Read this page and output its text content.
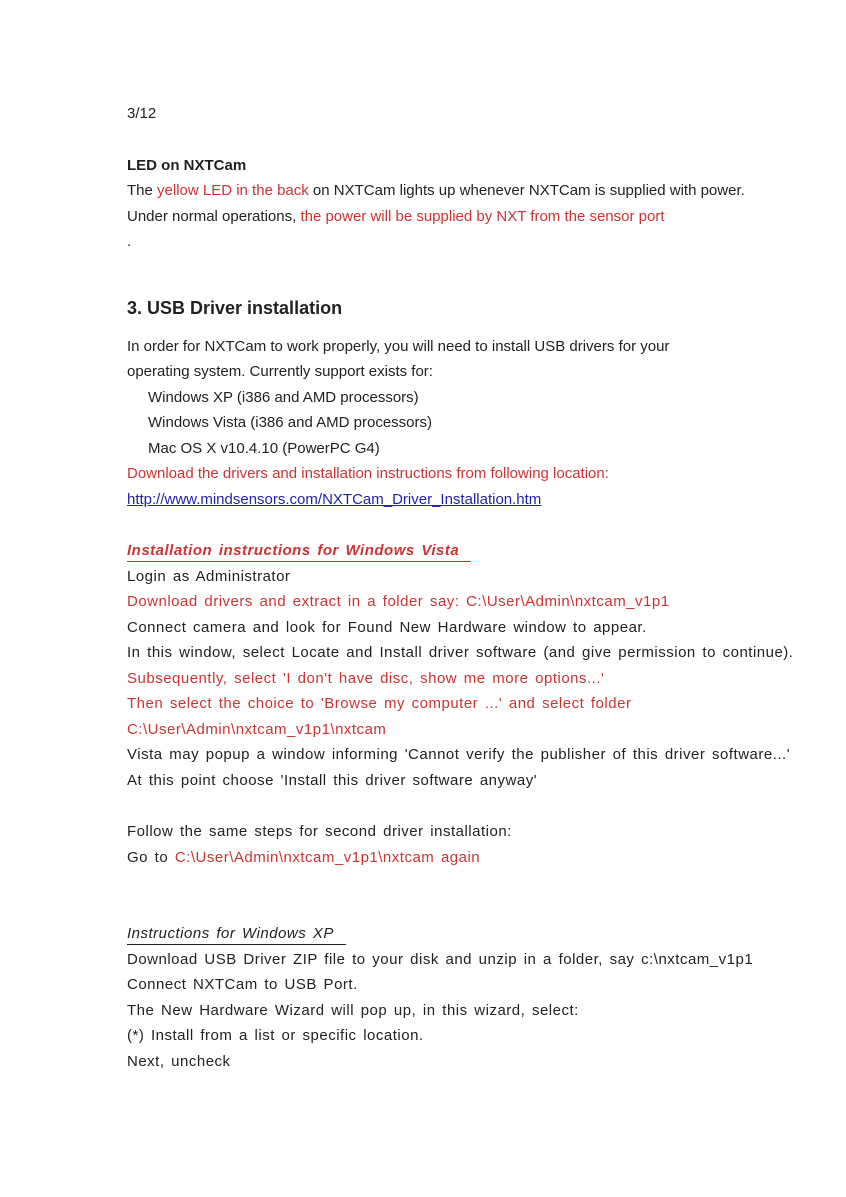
3/12
LED on NXTCam
The yellow LED in the back on NXTCam lights up whenever NXTCam is supplied with power.
Under normal operations, the power will be supplied by NXT from the sensor port
.
3. USB Driver installation
In order for NXTCam to work properly, you will need to install USB drivers for your
operating system. Currently support exists for:
Windows XP (i386 and AMD processors)
Windows Vista (i386 and AMD processors)
Mac OS X v10.4.10 (PowerPC G4)
Download the drivers and installation instructions from following location:
http://www.mindsensors.com/NXTCam_Driver_Installation.htm
Installation instructions for Windows Vista
Login as Administrator
Download drivers and extract in a folder say: C:\User\Admin\nxtcam_v1p1
Connect camera and look for Found New Hardware window to appear.
In this window, select Locate and Install driver software (and give permission to continue).
Subsequently, select 'I don't have disc, show me more options...'
Then select the choice to 'Browse my computer ...' and select folder
C:\User\Admin\nxtcam_v1p1\nxtcam
Vista may popup a window informing 'Cannot verify the publisher of this driver software...'
At this point choose 'Install this driver software anyway'
Follow the same steps for second driver installation:
Go to C:\User\Admin\nxtcam_v1p1\nxtcam again
Instructions for Windows XP
Download USB Driver ZIP file to your disk and unzip in a folder, say c:\nxtcam_v1p1
Connect NXTCam to USB Port.
The New Hardware Wizard will pop up, in this wizard, select:
(*) Install from a list or specific location.
Next, uncheck
